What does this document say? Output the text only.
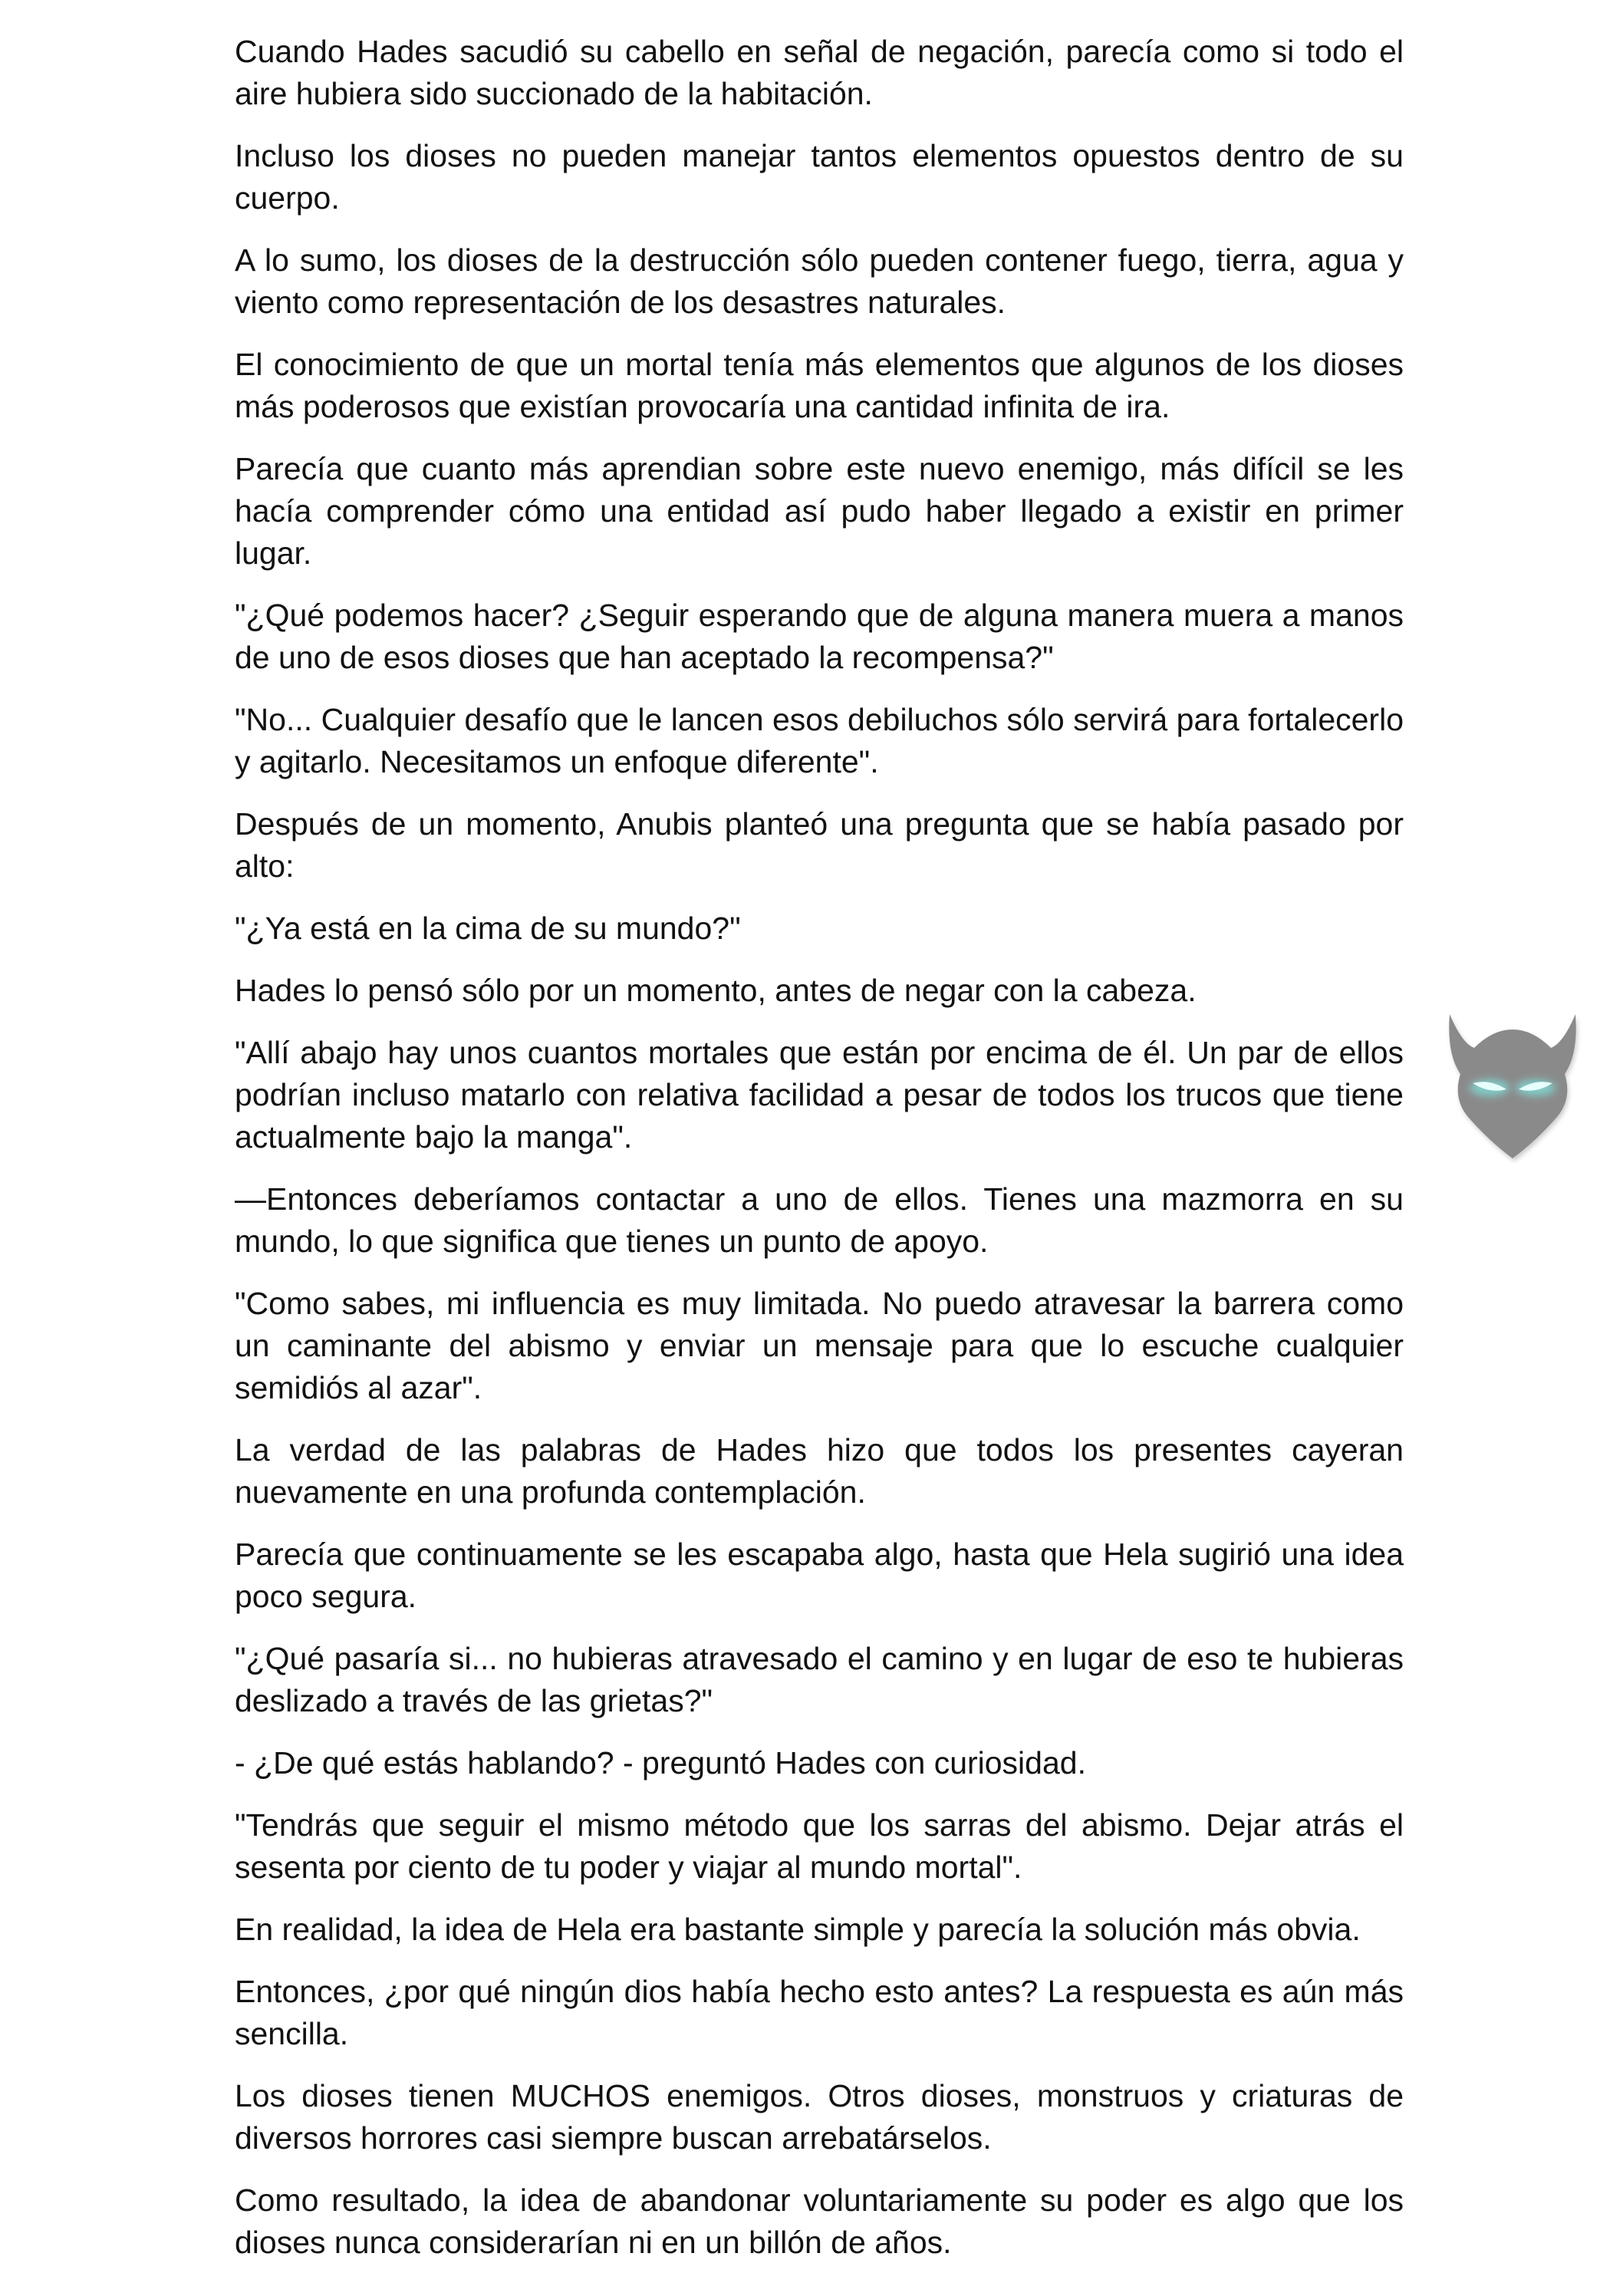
Cuando Hades sacudió su cabello en señal de negación, parecía como si todo el aire hubiera sido succionado de la habitación.

Incluso los dioses no pueden manejar tantos elementos opuestos dentro de su cuerpo.

A lo sumo, los dioses de la destrucción sólo pueden contener fuego, tierra, agua y viento como representación de los desastres naturales.

El conocimiento de que un mortal tenía más elementos que algunos de los dioses más poderosos que existían provocaría una cantidad infinita de ira.

Parecía que cuanto más aprendian sobre este nuevo enemigo, más difícil se les hacía comprender cómo una entidad así pudo haber llegado a existir en primer lugar.

"¿Qué podemos hacer? ¿Seguir esperando que de alguna manera muera a manos de uno de esos dioses que han aceptado la recompensa?"

"No... Cualquier desafío que le lancen esos debiluchos sólo servirá para fortalecerlo y agitarlo. Necesitamos un enfoque diferente".

Después de un momento, Anubis planteó una pregunta que se había pasado por alto:

"¿Ya está en la cima de su mundo?"

Hades lo pensó sólo por un momento, antes de negar con la cabeza.

"Allí abajo hay unos cuantos mortales que están por encima de él. Un par de ellos podrían incluso matarlo con relativa facilidad a pesar de todos los trucos que tiene actualmente bajo la manga".

—Entonces deberíamos contactar a uno de ellos. Tienes una mazmorra en su mundo, lo que significa que tienes un punto de apoyo.

"Como sabes, mi influencia es muy limitada. No puedo atravesar la barrera como un caminante del abismo y enviar un mensaje para que lo escuche cualquier semidiós al azar".

La verdad de las palabras de Hades hizo que todos los presentes cayeran nuevamente en una profunda contemplación.

Parecía que continuamente se les escapaba algo, hasta que Hela sugirió una idea poco segura.

"¿Qué pasaría si... no hubieras atravesado el camino y en lugar de eso te hubieras deslizado a través de las grietas?"

- ¿De qué estás hablando? - preguntó Hades con curiosidad.

"Tendrás que seguir el mismo método que los sarras del abismo. Dejar atrás el sesenta por ciento de tu poder y viajar al mundo mortal".

En realidad, la idea de Hela era bastante simple y parecía la solución más obvia.

Entonces, ¿por qué ningún dios había hecho esto antes? La respuesta es aún más sencilla.

Los dioses tienen MUCHOS enemigos. Otros dioses, monstruos y criaturas de diversos horrores casi siempre buscan arrebatárselos.

Como resultado, la idea de abandonar voluntariamente su poder es algo que los dioses nunca considerarían ni en un billón de años.
